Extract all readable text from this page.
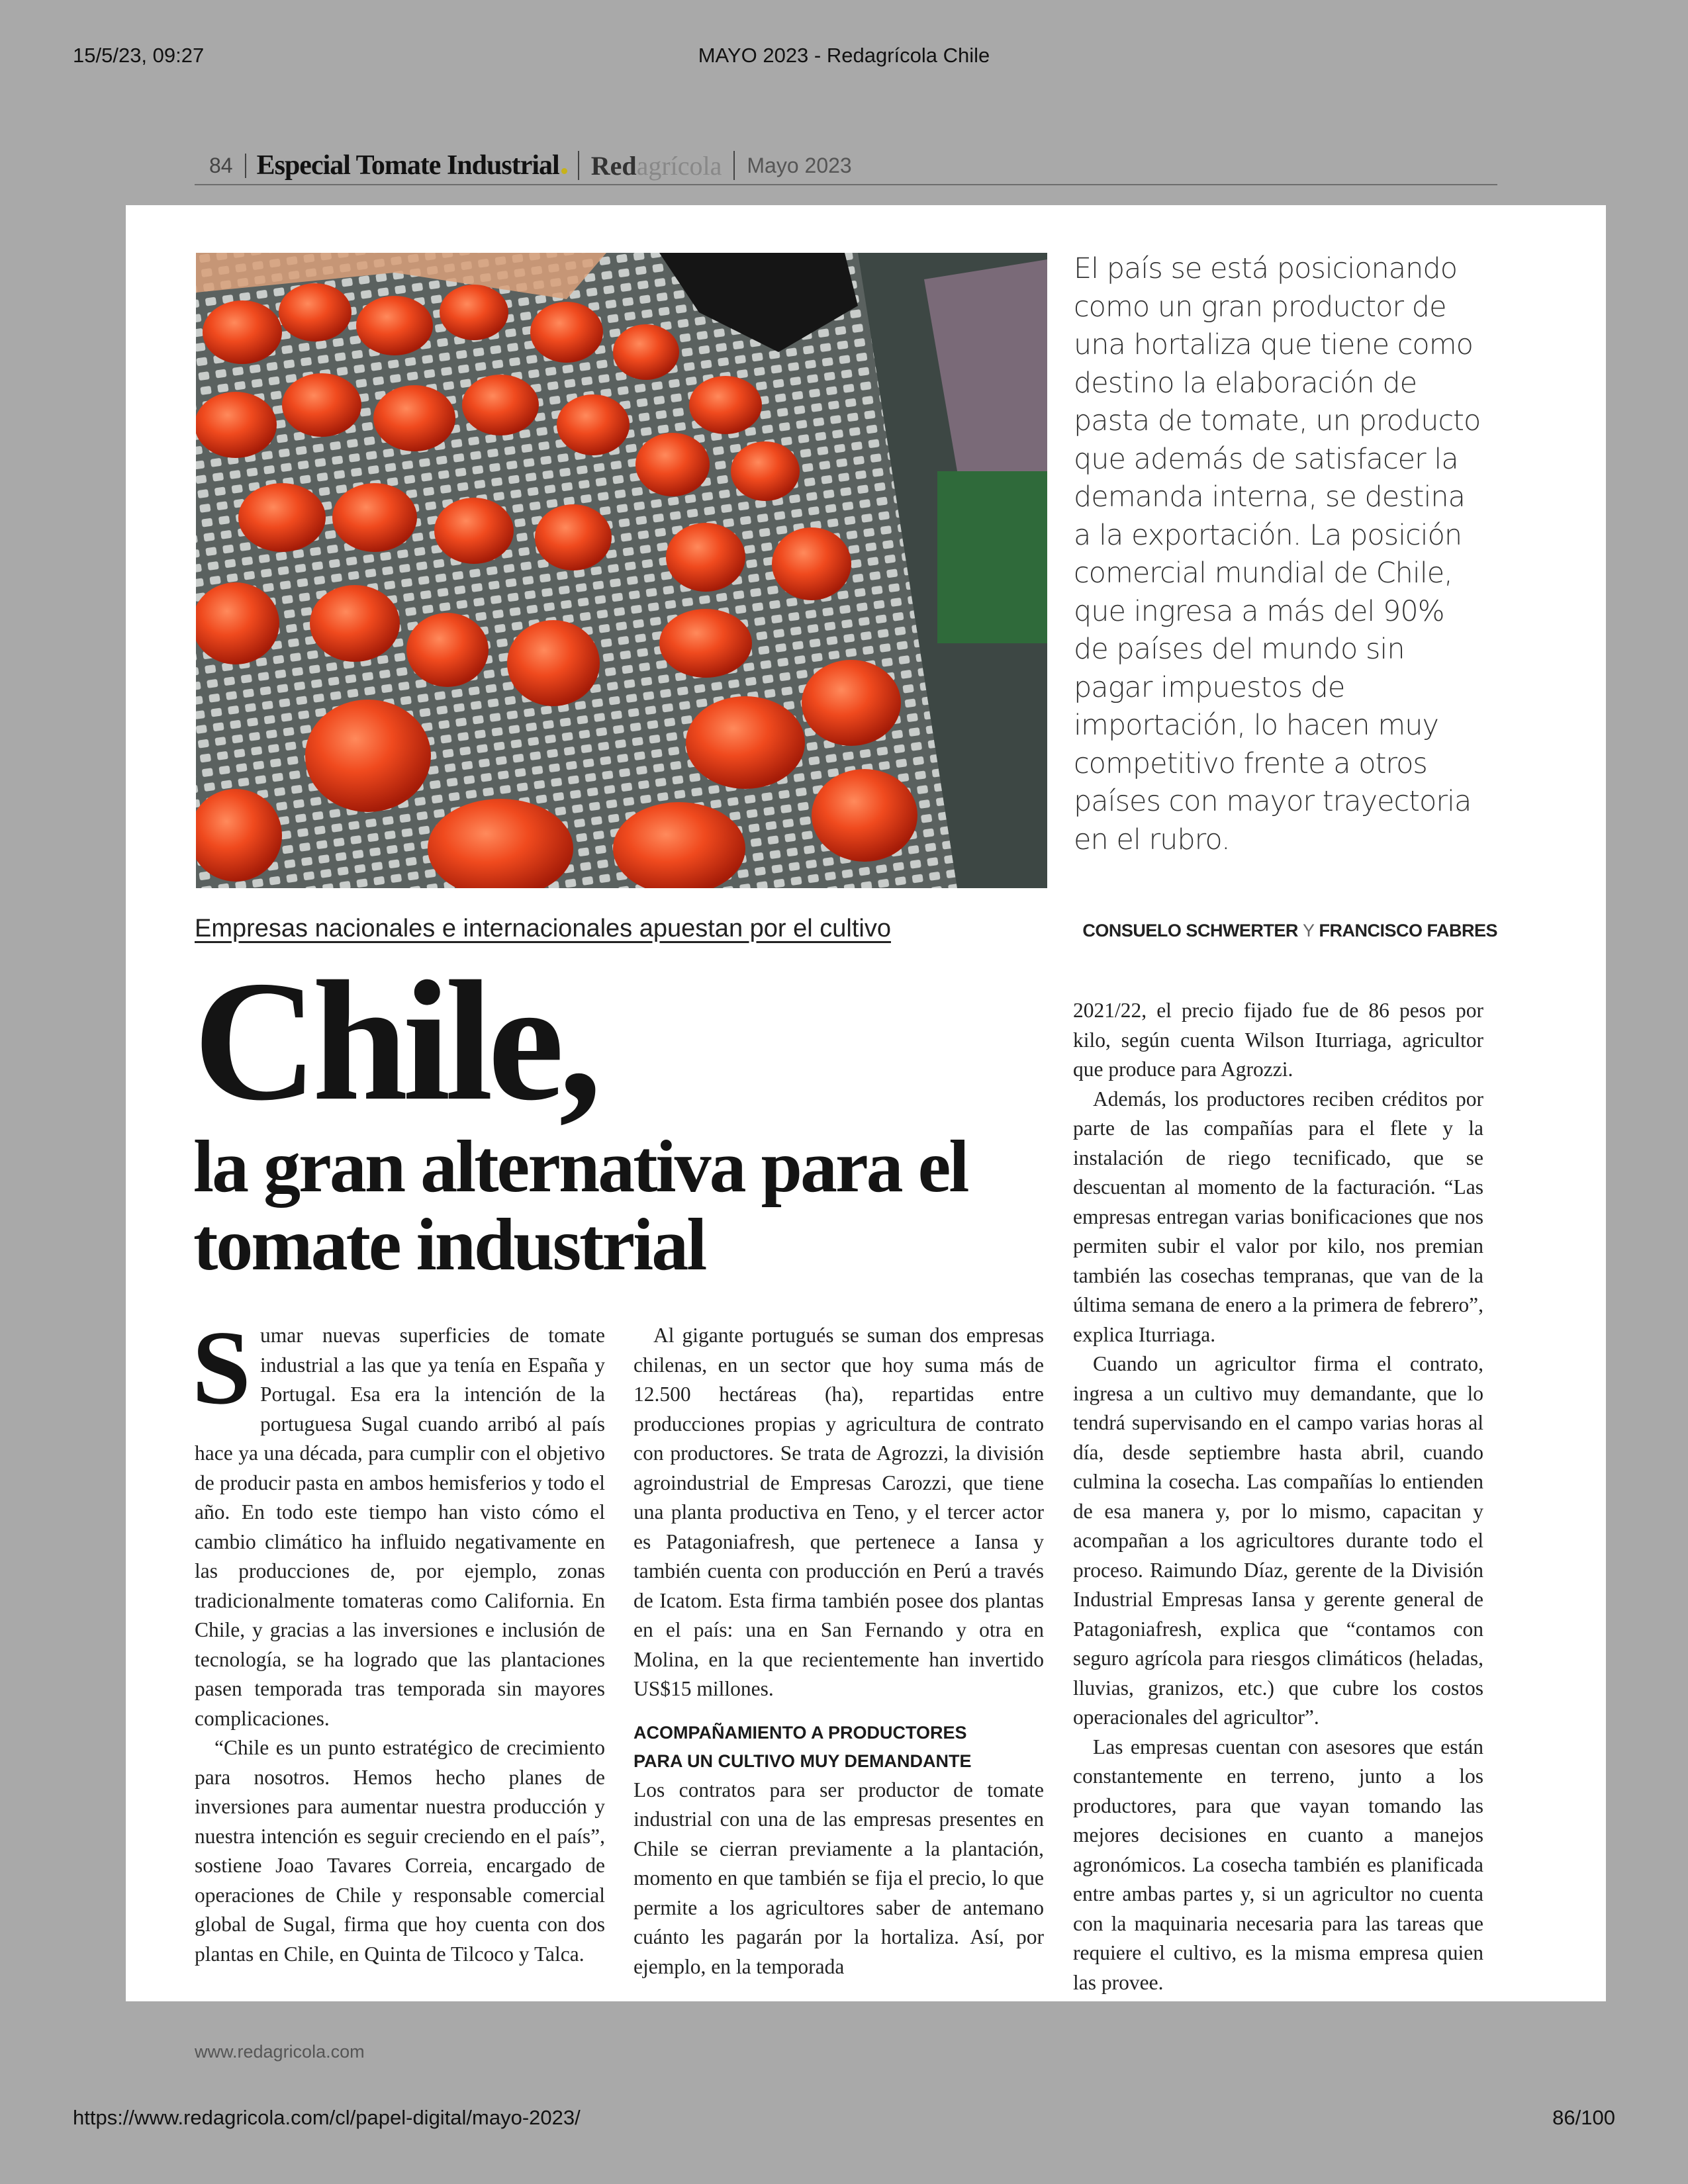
15/5/23, 09:27	MAYO 2023 - Redagrícola Chile
84 Especial Tomate Industrial	Redagrícola	Mayo 2023
El país se está posicionando como un gran productor de una hortaliza que tiene como destino la elaboración de pasta de tomate, un producto que además de satisfacer la demanda interna, se destina a la exportación. La posición comercial mundial de Chile, que ingresa a más del 90% de países del mundo sin pagar impuestos de importación, lo hacen muy competitivo frente a otros países con mayor trayectoria en el rubro.
Empresas nacionales e internacionales apuestan por el cultivo	CONSUELO SCHWERTER Y FRANCISCO FABRES
Chile,
la gran alternativa para el tomate industrial

Sumar nuevas superficies de tomate industrial a las que ya tenía en España y Portugal. Esa era la intención de la portuguesa Sugal cuando arribó al país hace ya una década, para cumplir con el objetivo de producir pasta en ambos hemisferios y todo el año. En todo este tiempo han visto cómo el cambio climático ha influido negativamente en las producciones de, por ejemplo, zonas tradicionalmente tomateras como California. En Chile, y gracias a las inversiones e inclusión de tecnología, se ha logrado que las plantaciones pasen temporada tras temporada sin mayores complicaciones.

“Chile es un punto estratégico de crecimiento para nosotros. Hemos hecho planes de inversiones para aumentar nuestra producción y nuestra intención es seguir creciendo en el país”, sostiene Joao Tavares Correia, encargado de operaciones de Chile y responsable comercial global de Sugal, firma que hoy cuenta con dos plantas en Chile, en Quinta de Tilcoco y Talca.

Al gigante portugués se suman dos empresas chilenas, en un sector que hoy suma más de 12.500 hectáreas (ha), repartidas entre producciones propias y agricultura de contrato con productores. Se trata de Agrozzi, la división agroindustrial de Empresas Carozzi, que tiene una planta productiva en Teno, y el tercer actor es Patagoniafresh, que pertenece a Iansa y también cuenta con producción en Perú a través de Icatom. Esta firma también posee dos plantas en el país: una en San Fernando y otra en Molina, en la que recientemente han invertido US$15 millones.

ACOMPAÑAMIENTO A PRODUCTORES
PARA UN CULTIVO MUY DEMANDANTE

Los contratos para ser productor de tomate industrial con una de las empresas presentes en Chile se cierran previamente a la plantación, momento en que también se fija el precio, lo que permite a los agricultores saber de antemano cuánto les pagarán por la hortaliza. Así, por ejemplo, en la temporada

2021/22, el precio fijado fue de 86 pesos por kilo, según cuenta Wilson Iturriaga, agricultor que produce para Agrozzi.

Además, los productores reciben créditos por parte de las compañías para el flete y la instalación de riego tecnificado, que se descuentan al momento de la facturación. “Las empresas entregan varias bonificaciones que nos permiten subir el valor por kilo, nos premian también las cosechas tempranas, que van de la última semana de enero a la primera de febrero”, explica Iturriaga.

Cuando un agricultor firma el contrato, ingresa a un cultivo muy demandante, que lo tendrá supervisando en el campo varias horas al día, desde septiembre hasta abril, cuando culmina la cosecha. Las compañías lo entienden de esa manera y, por lo mismo, capacitan y acompañan a los agricultores durante todo el proceso. Raimundo Díaz, gerente de la División Industrial Empresas Iansa y gerente general de Patagoniafresh, explica que “contamos con seguro agrícola para riesgos climáticos (heladas, lluvias, granizos, etc.) que cubre los costos operacionales del agricultor”.

Las empresas cuentan con asesores que están constantemente en terreno, junto a los productores, para que vayan tomando las mejores decisiones en cuanto a manejos agronómicos. La cosecha también es planificada entre ambas partes y, si un agricultor no cuenta con la maquinaria necesaria para las tareas que requiere el cultivo, es la misma empresa quien las provee.

www.redagricola.com
https://www.redagricola.com/cl/papel-digital/mayo-2023/	86/100
